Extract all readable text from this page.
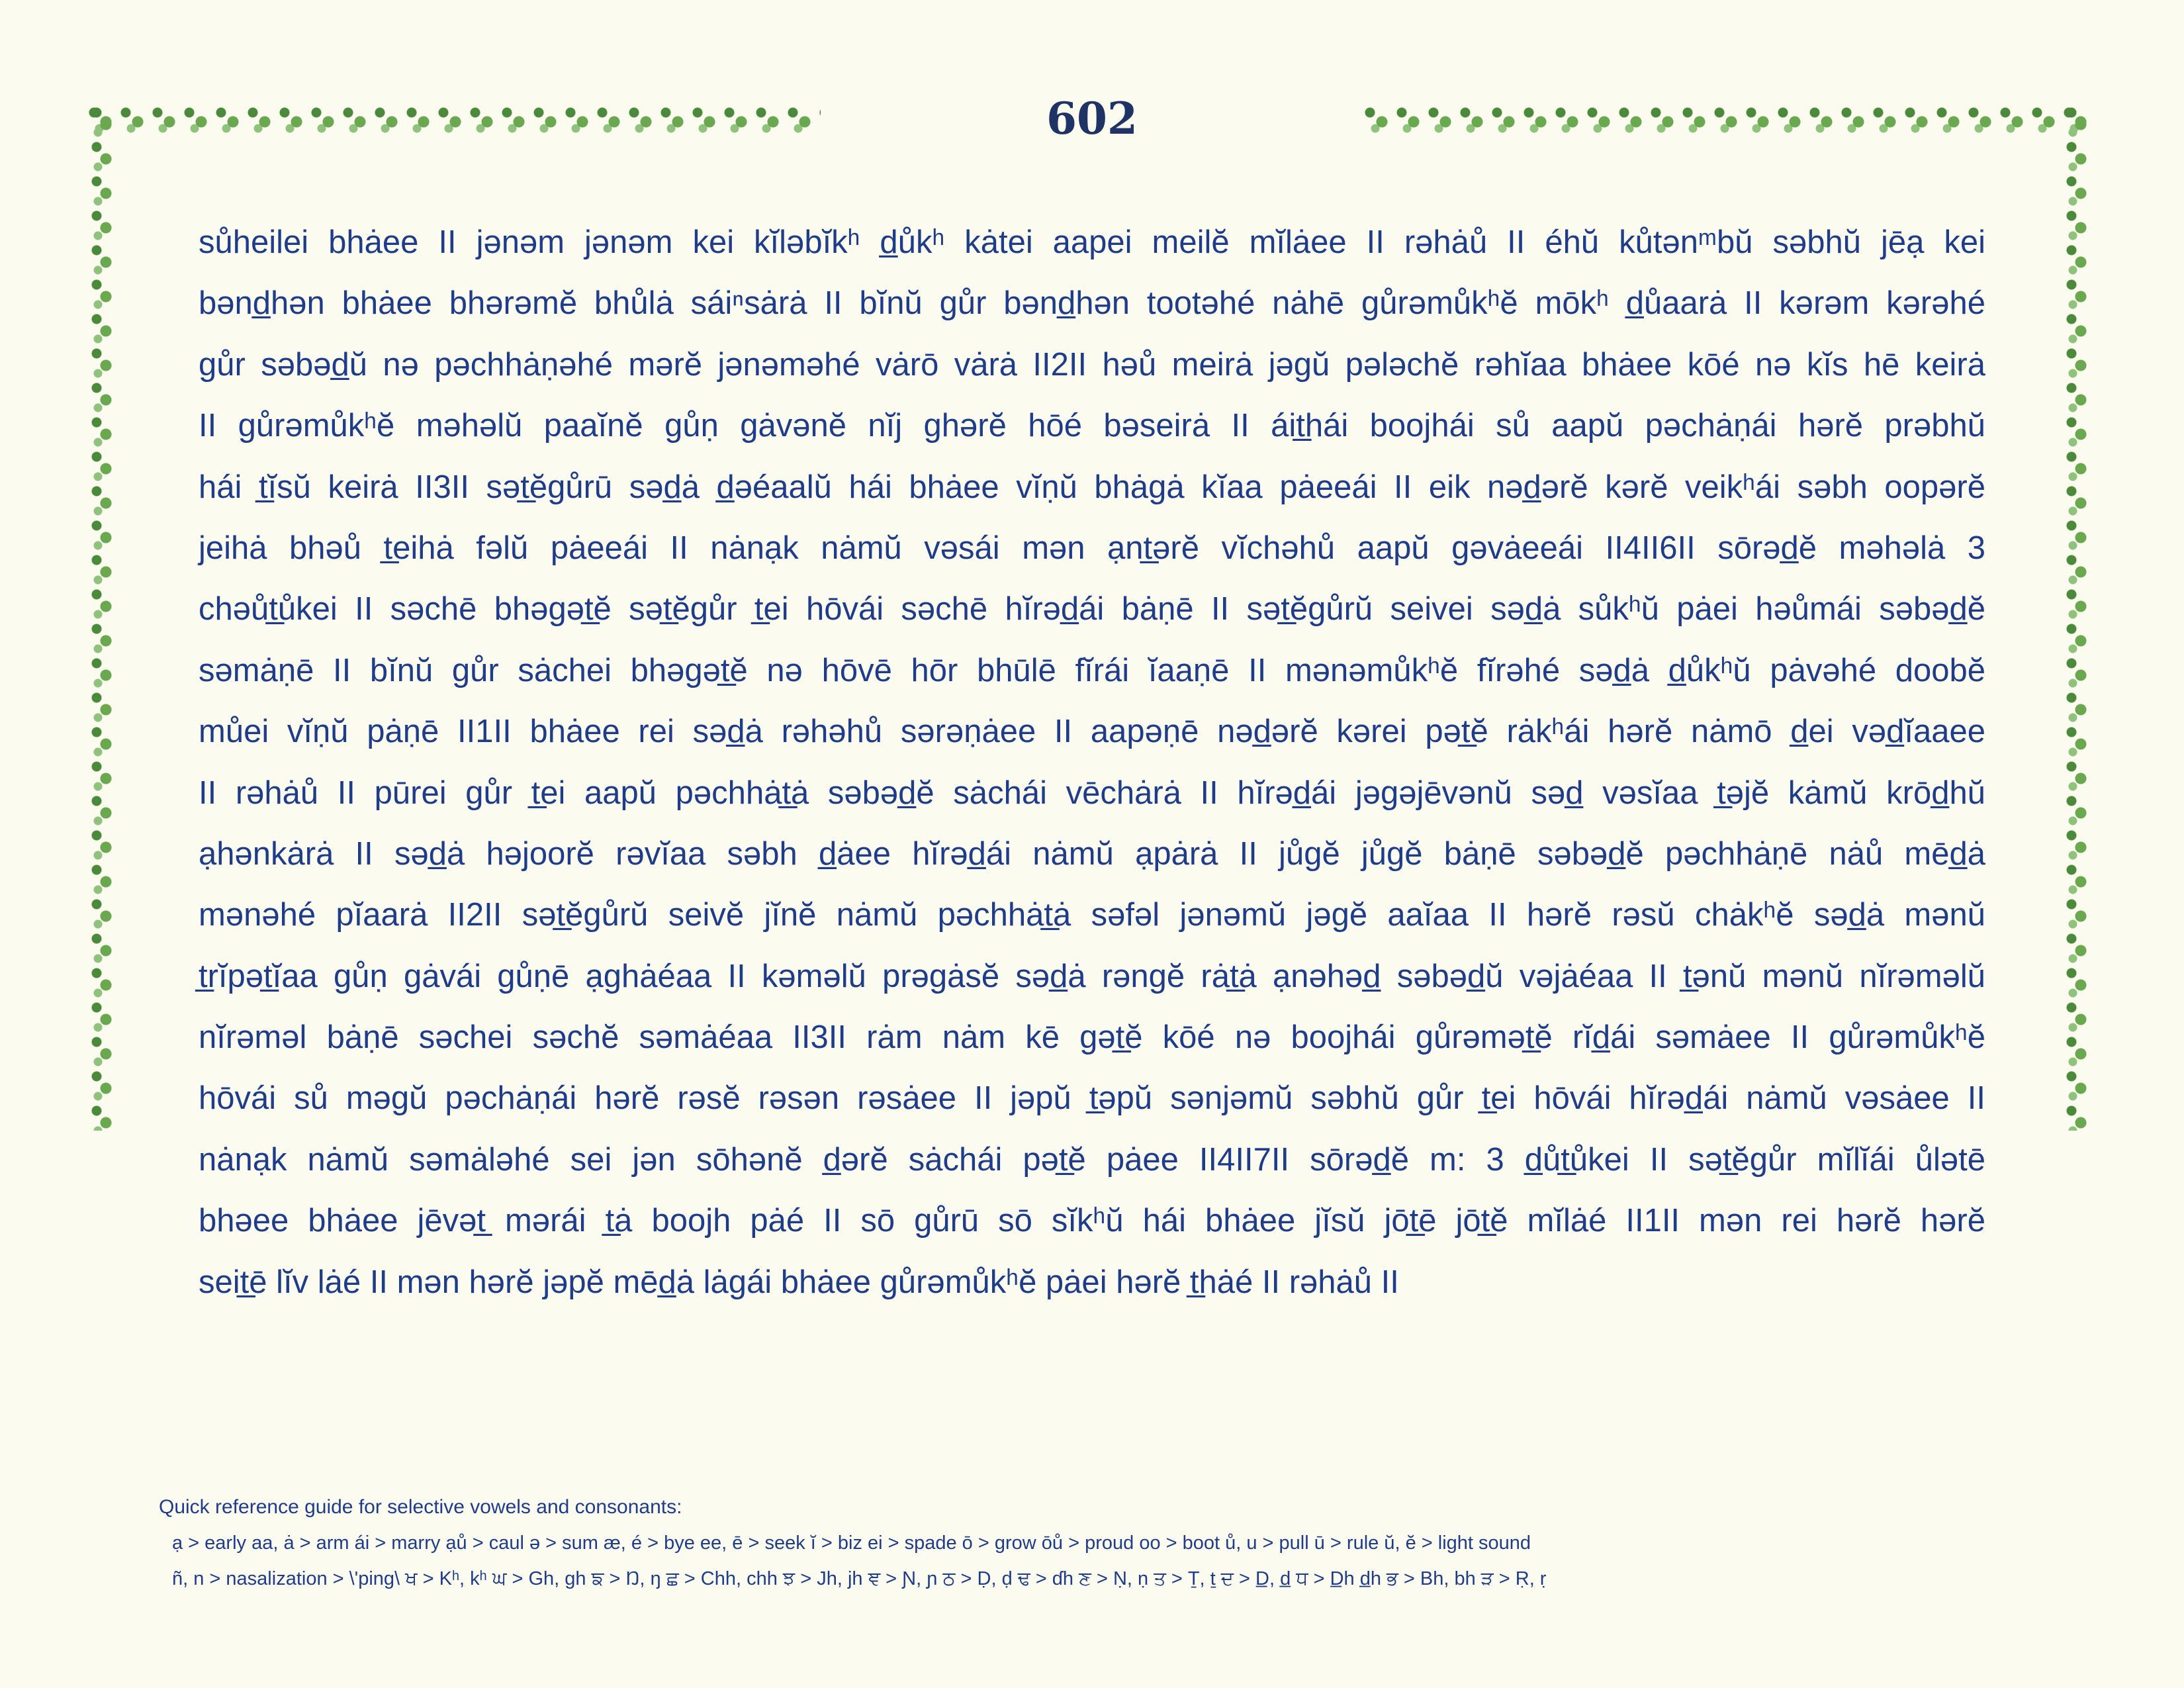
602
sůheilei bhȧee II jənəm jənəm kei kĭləbĭkʰ d̲ůkʰ kȧtei aapei meilĕ mĭlȧee II rəhȧů II éhŭ kůtənᵐbŭ səbhŭ jēạ kei
bənd̲hən bhȧee bhərəmĕ bhůlȧ sáiⁿsȧrȧ II bĭnŭ gůr bənd̲hən tootəhé nȧhē gůrəmůkʰĕ mōkʰ d̲ůaarȧ II kərəm kərəhé
gůr səbəd̲ŭ nə pəchhȧṇəhé mərĕ jənəməhé vȧrō vȧrȧ II2II həů meirȧ jəgŭ pələchĕ rəhĭaa bhȧee kōé nə kĭs hē keirȧ
II gůrəmůkʰĕ məhəlŭ paaĭnĕ gůṇ gȧvənĕ nĭj ghərĕ hōé bəseirȧ II áit̲hái boojhái sů aapŭ pəchȧṇái hərĕ prəbhŭ
hái t̲ĭsŭ keirȧ II3II sət̲ĕgůrū səd̲ȧ d̲əéaalŭ hái bhȧee vĭṇŭ bhȧgȧ kĭaa pȧeeái II eik nəd̲ərĕ kərĕ veikʰái səbh oopərĕ
jeihȧ bhəů t̲eihȧ fəlŭ pȧeeái II nȧnạk nȧmŭ vəsái mən ạnt̲ərĕ vĭchəhů aapŭ gəvȧeeái II4II6II sōrəd̲ĕ məhəlȧ 3
chəůt̲ůkei II səchē bhəgət̲ĕ sət̲ĕgůr t̲ei hōvái səchē hĭrəd̲ái bȧṇē II sət̲ĕgůrŭ seivei səd̲ȧ sůkʰŭ pȧei həůmái səbəd̲ĕ
səmȧṇē II bĭnŭ gůr sȧchei bhəgət̲ĕ nə hōvē hōr bhūlē fĭrái ĭaaṇē II mənəmůkʰĕ fĭrəhé səd̲ȧ d̲ůkʰŭ pȧvəhé doobĕ
můei vĭṇŭ pȧṇē II1II bhȧee rei səd̲ȧ rəhəhů sərəṇȧee II aapəṇē nəd̲ərĕ kərei pət̲ĕ rȧkʰái hərĕ nȧmō d̲ei vəd̲ĭaaee
II rəhȧů II pūrei gůr t̲ei aapŭ pəchhȧt̲ȧ səbəd̲ĕ sȧchái vēchȧrȧ II hĭrəd̲ái jəgəjēvənŭ səd̲ vəsĭaa t̲əjĕ kȧmŭ krōd̲hŭ
ạhənkȧrȧ II səd̲ȧ həjoorĕ rəvĭaa səbh d̲ȧee hĭrəd̲ái nȧmŭ ạpȧrȧ II jůgĕ jůgĕ bȧṇē səbəd̲ĕ pəchhȧṇē nȧů mēd̲ȧ
mənəhé pĭaarȧ II2II sət̲ĕgůrŭ seivĕ jĭnĕ nȧmŭ pəchhȧt̲ȧ səfəl jənəmŭ jəgĕ aaĭaa II hərĕ rəsŭ chȧkʰĕ səd̲ȧ mənŭ
t̲rĭpət̲ĭaa gůṇ gȧvái gůṇē ạghȧéaa II kəməlŭ prəgȧsĕ səd̲ȧ rəngĕ rȧt̲ȧ ạnəhəd̲ səbəd̲ŭ vəjȧéaa II t̲ənŭ mənŭ nĭrəməlŭ
nĭrəməl bȧṇē səchei səchĕ səmȧéaa II3II rȧm nȧm kē gət̲ĕ kōé nə boojhái gůrəmət̲ĕ rĭd̲ái səmȧee II gůrəmůkʰĕ
hōvái sů məgŭ pəchȧṇái hərĕ rəsĕ rəsən rəsȧee II jəpŭ t̲əpŭ sənjəmŭ səbhŭ gůr t̲ei hōvái hĭrəd̲ái nȧmŭ vəsȧee II
nȧnạk nȧmŭ səmȧləhé sei jən sōhənĕ d̲ərĕ sȧchái pət̲ĕ pȧee II4II7II sōrəd̲ĕ m: 3 d̲ůt̲ůkei II sət̲ĕgůr mĭlĭái ůlətē
bhəee bhȧee jēvət̲ mərái t̲ȧ boojh pȧé II sō gůrū sō sĭkʰŭ hái bhȧee jĭsŭ jōt̲ē jōt̲ĕ mĭlȧé II1II mən rei hərĕ hərĕ
seit̲ē lĭv lȧé II mən hərĕ jəpĕ mēd̲ȧ lȧgái bhȧee gůrəmůkʰĕ pȧei hərĕ t̲hȧé II rəhȧů II
Quick reference guide for selective vowels and consonants:
ạ > early aa, ȧ > arm ái > marry ạů > caul ə > sum æ, é > bye ee, ē > seek ĭ > biz ei > spade ō > grow ōů > proud oo > boot ů, u > pull ū > rule ŭ, ĕ > light sound
ñ, n > nasalization > \'ping\ ਖ > Kʰ, kʰ ਘ > Gh, gh ਙ > Ŋ, ŋ ਛ > Chh, chh ਝ > Jh, jh ਞ > Ɲ, ɲ ਠ > Ḍ, ḍ ਢ > ɗh ਣ > Ṇ, ṇ ਤ > Ṯ, ṯ ਦ > D̲, d̲ ਧ > D̲h d̲h ਭ > Bh, bh ੜ > Ṛ, ṛ
